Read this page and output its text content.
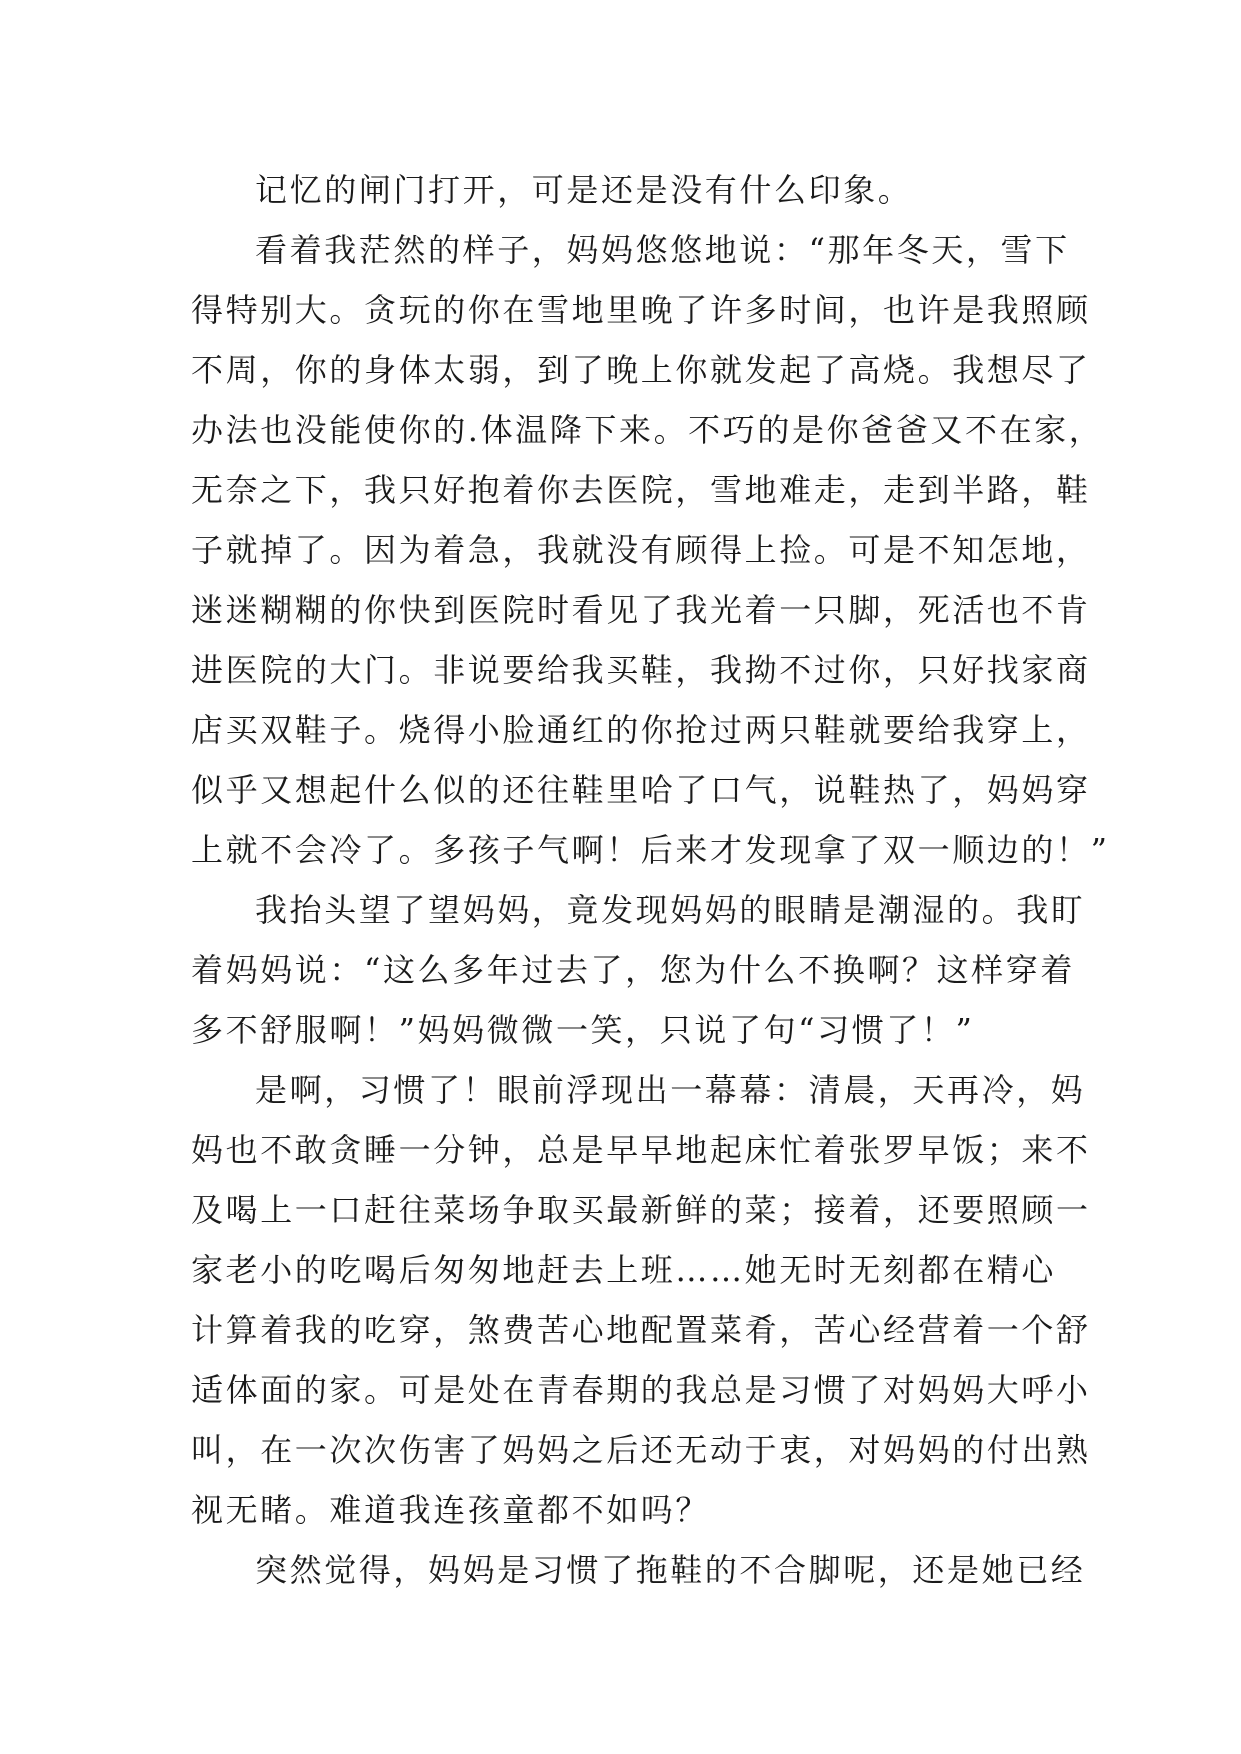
记忆的闸门打开，可是还是没有什么印象。
看着我茫然的样子，妈妈悠悠地说：“那年冬天，雪下
得特别大。贪玩的你在雪地里晚了许多时间，也许是我照顾
不周，你的身体太弱，到了晚上你就发起了高烧。我想尽了
办法也没能使你的.体温降下来。不巧的是你爸爸又不在家，
无奈之下，我只好抱着你去医院，雪地难走，走到半路，鞋
子就掉了。因为着急，我就没有顾得上捡。可是不知怎地，
迷迷糊糊的你快到医院时看见了我光着一只脚，死活也不肯
进医院的大门。非说要给我买鞋，我拗不过你，只好找家商
店买双鞋子。烧得小脸通红的你抢过两只鞋就要给我穿上，
似乎又想起什么似的还往鞋里哈了口气，说鞋热了，妈妈穿
上就不会冷了。多孩子气啊！后来才发现拿了双一顺边的！”
我抬头望了望妈妈，竟发现妈妈的眼睛是潮湿的。我盯
着妈妈说：“这么多年过去了，您为什么不换啊？这样穿着
多不舒服啊！”妈妈微微一笑，只说了句“习惯了！”
是啊，习惯了！眼前浮现出一幕幕：清晨，天再冷，妈
妈也不敢贪睡一分钟，总是早早地起床忙着张罗早饭；来不
及喝上一口赶往菜场争取买最新鲜的菜；接着，还要照顾一
家老小的吃喝后匆匆地赶去上班……她无时无刻都在精心
计算着我的吃穿，煞费苦心地配置菜肴，苦心经营着一个舒
适体面的家。可是处在青春期的我总是习惯了对妈妈大呼小
叫，在一次次伤害了妈妈之后还无动于衷，对妈妈的付出熟
视无睹。难道我连孩童都不如吗？
突然觉得，妈妈是习惯了拖鞋的不合脚呢，还是她已经
